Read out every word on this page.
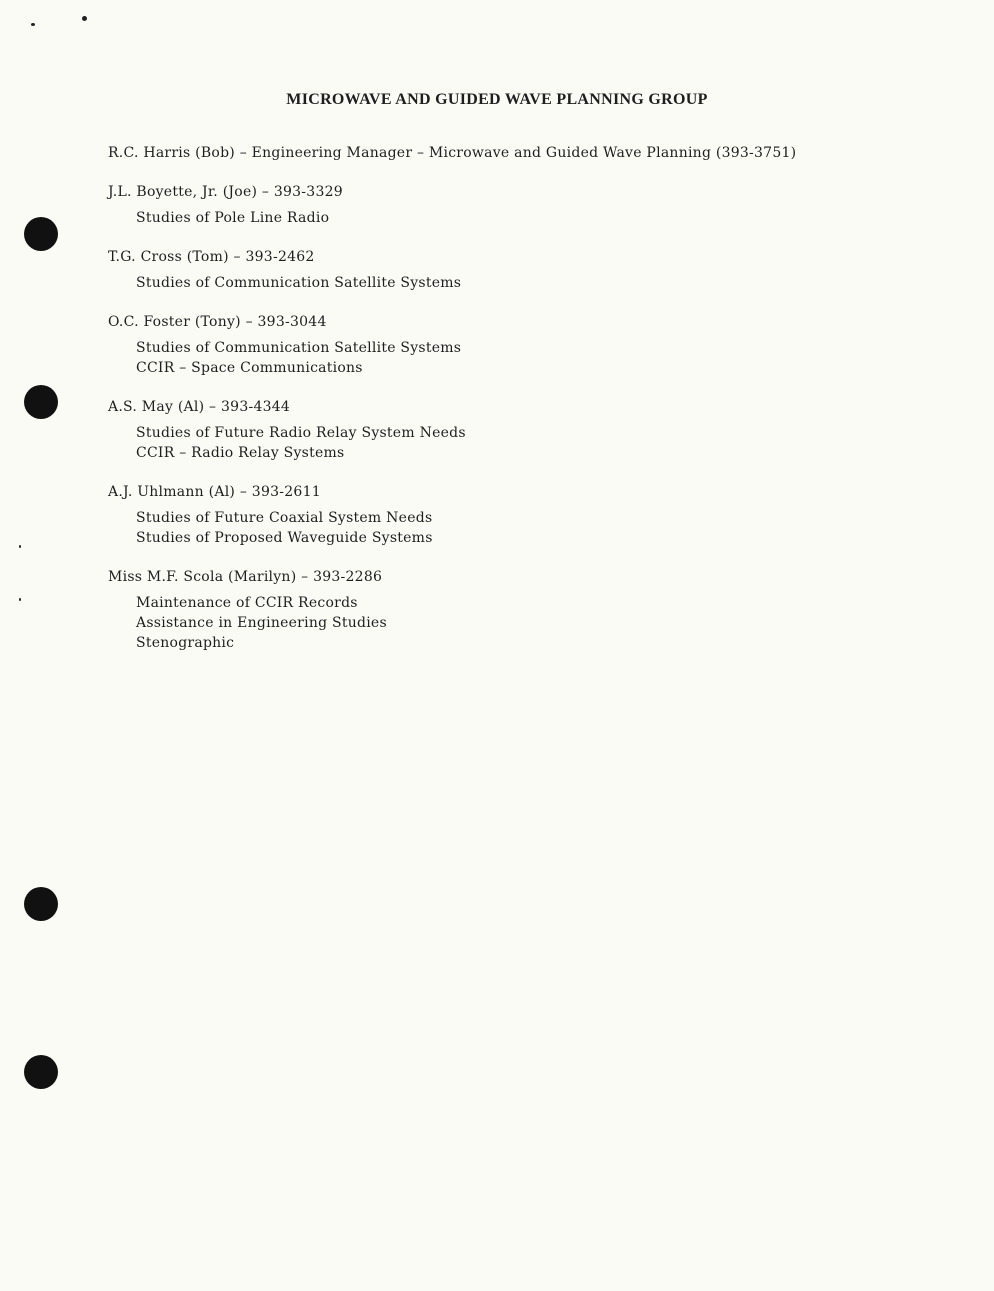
MICROWAVE AND GUIDED WAVE PLANNING GROUP
R.C. Harris (Bob) – Engineering Manager – Microwave and Guided Wave Planning (393-3751)
J.L. Boyette, Jr. (Joe) – 393-3329
Studies of Pole Line Radio
T.G. Cross (Tom) – 393-2462
Studies of Communication Satellite Systems
O.C. Foster (Tony) – 393-3044
Studies of Communication Satellite Systems
CCIR – Space Communications
A.S. May (Al) – 393-4344
Studies of Future Radio Relay System Needs
CCIR – Radio Relay Systems
A.J. Uhlmann (Al) – 393-2611
Studies of Future Coaxial System Needs
Studies of Proposed Waveguide Systems
Miss M.F. Scola (Marilyn) – 393-2286
Maintenance of CCIR Records
Assistance in Engineering Studies
Stenographic
